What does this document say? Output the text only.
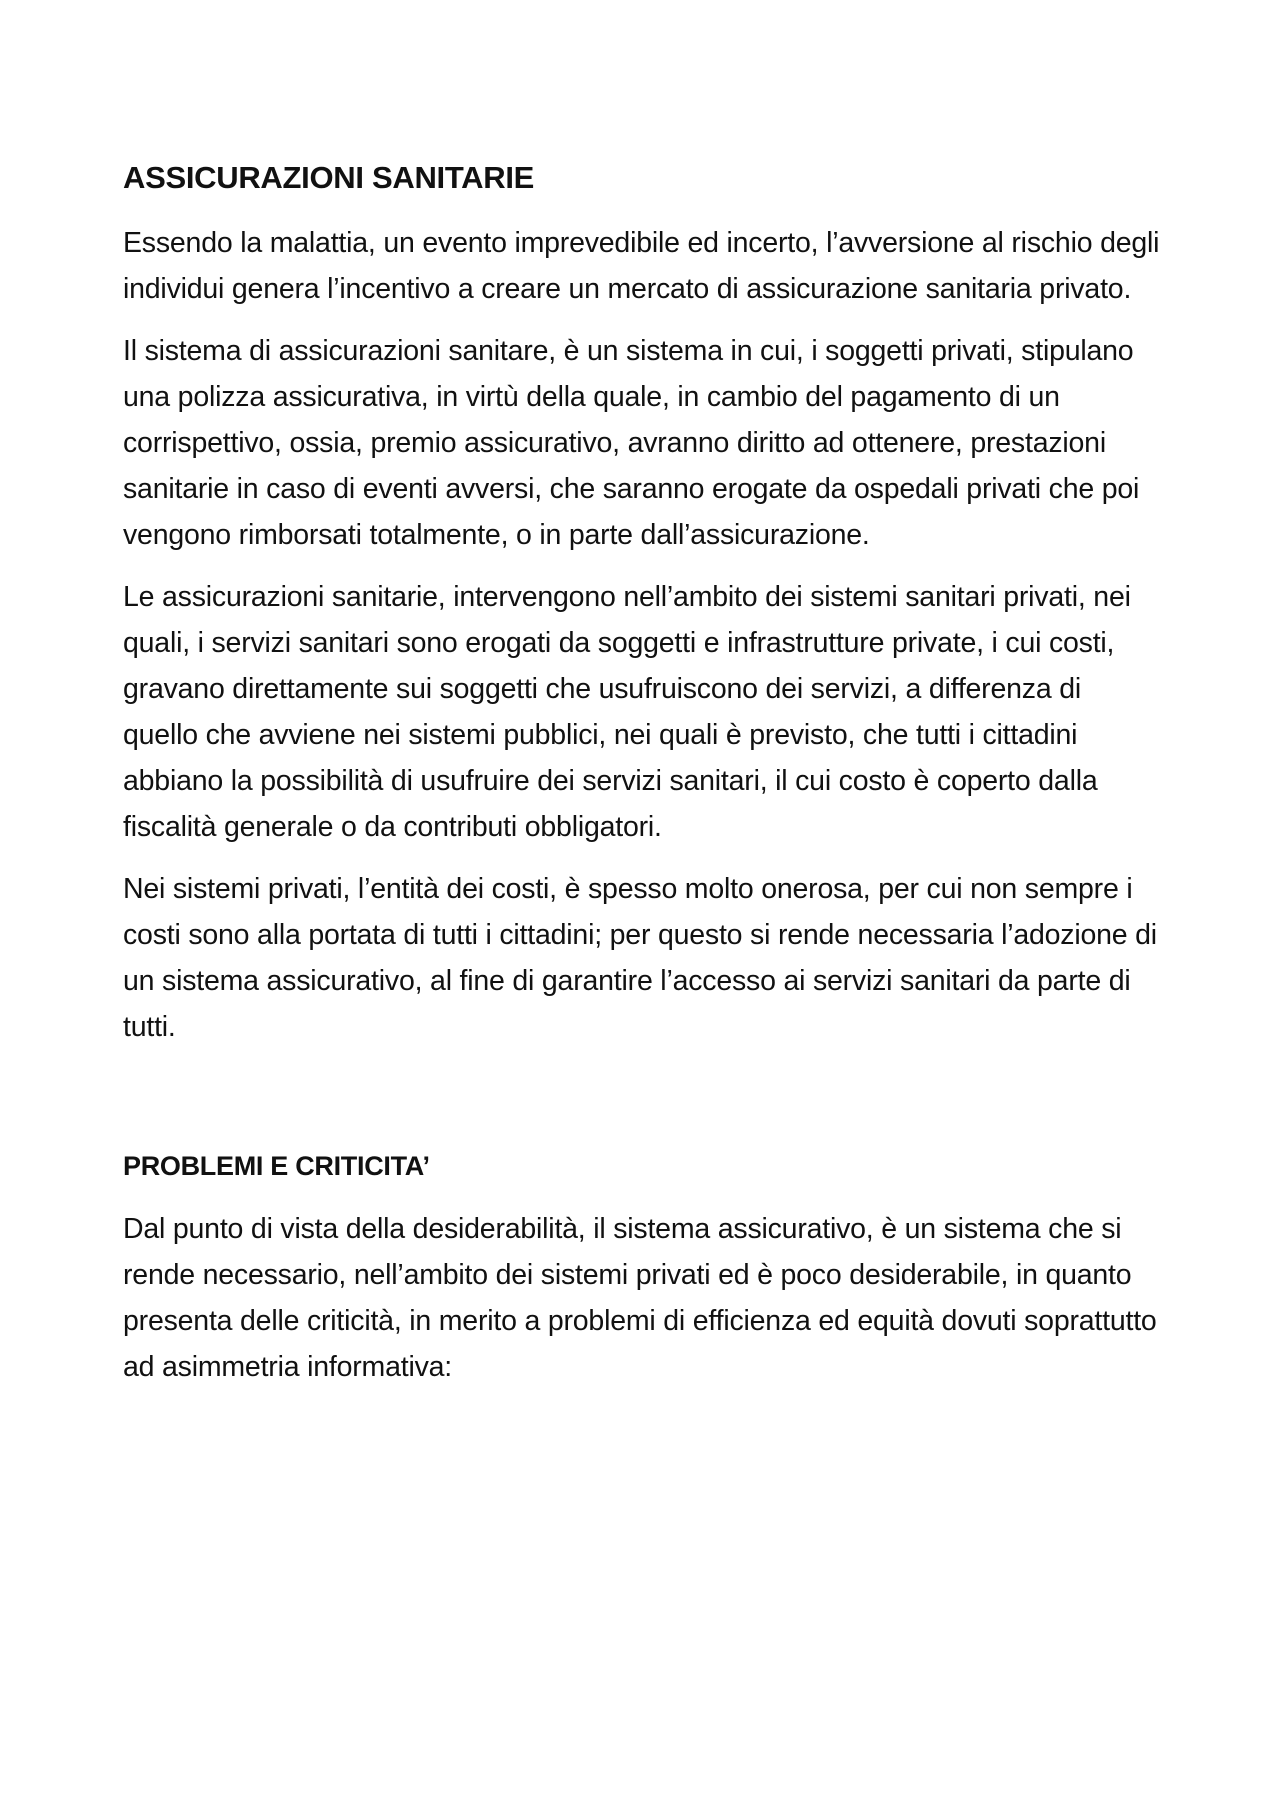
ASSICURAZIONI SANITARIE

Essendo la malattia, un evento imprevedibile ed incerto, l’avversione al rischio degli individui genera l’incentivo a creare un mercato di assicurazione sanitaria privato.

Il sistema di assicurazioni sanitare, è un sistema in cui, i soggetti privati, stipulano una polizza assicurativa, in virtù della quale, in cambio del pagamento di un corrispettivo, ossia, premio assicurativo, avranno diritto ad ottenere, prestazioni sanitarie in caso di eventi avversi, che saranno erogate da ospedali privati che poi vengono rimborsati totalmente, o in parte dall’assicurazione.

Le assicurazioni sanitarie, intervengono nell’ambito dei sistemi sanitari privati, nei quali, i servizi sanitari sono erogati da soggetti e infrastrutture private, i cui costi, gravano direttamente sui soggetti che usufruiscono dei servizi, a differenza di quello che avviene nei sistemi pubblici, nei quali è previsto, che tutti i cittadini abbiano la possibilità di usufruire dei servizi sanitari, il cui costo è coperto dalla fiscalità generale o da contributi obbligatori.

Nei sistemi privati, l’entità dei costi, è spesso molto onerosa, per cui non sempre i costi sono alla portata di tutti i cittadini; per questo si rende necessaria l’adozione di un sistema assicurativo, al fine di garantire l’accesso ai servizi sanitari da parte di tutti.

PROBLEMI E CRITICITA’

Dal punto di vista della desiderabilità, il sistema assicurativo, è un sistema che si rende necessario, nell’ambito dei sistemi privati ed è poco desiderabile, in quanto presenta delle criticità, in merito a problemi di efficienza ed equità dovuti soprattutto ad asimmetria informativa:
